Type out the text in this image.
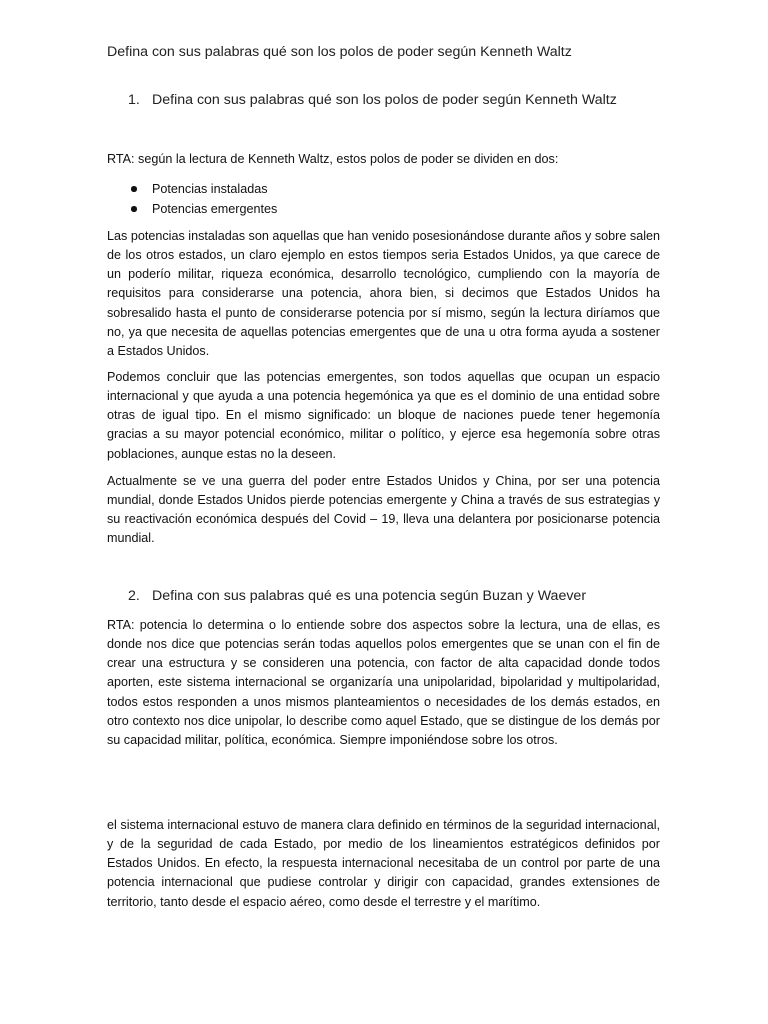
Defina con sus palabras qué son los polos de poder según Kenneth Waltz
1. Defina con sus palabras qué son los polos de poder según Kenneth Waltz

RTA: según la lectura de Kenneth Waltz, estos polos de poder se dividen en dos:

Potencias instaladas
Potencias emergentes

Las potencias instaladas son aquellas que han venido posesionándose durante años y sobre salen de los otros estados, un claro ejemplo en estos tiempos seria Estados Unidos, ya que carece de un poderío militar, riqueza económica, desarrollo tecnológico, cumpliendo con la mayoría de requisitos para considerarse una potencia, ahora bien, si decimos que Estados Unidos ha sobresalido hasta el punto de considerarse potencia por sí mismo, según la lectura diríamos que no, ya que necesita de aquellas potencias emergentes que de una u otra forma ayuda a sostener a Estados Unidos.

Podemos concluir que las potencias emergentes, son todos aquellas que ocupan un espacio internacional y que ayuda a una potencia hegemónica ya que es el dominio de una entidad sobre otras de igual tipo. En el mismo significado: un bloque de naciones puede tener hegemonía gracias a su mayor potencial económico, militar o político, y ejerce esa hegemonía sobre otras poblaciones, aunque estas no la deseen.

Actualmente se ve una guerra del poder entre Estados Unidos y China, por ser una potencia mundial, donde Estados Unidos pierde potencias emergente y China a través de sus estrategias y su reactivación económica después del Covid – 19, lleva una delantera por posicionarse potencia mundial.

2. Defina con sus palabras qué es una potencia según Buzan y Waever

RTA: potencia lo determina o lo entiende sobre dos aspectos sobre la lectura, una de ellas, es donde nos dice que potencias serán todas aquellos polos emergentes que se unan con el fin de crear una estructura y se consideren una potencia, con factor de alta capacidad donde todos aporten, este sistema internacional se organizaría una unipolaridad, bipolaridad y multipolaridad, todos estos responden a unos mismos planteamientos o necesidades de los demás estados, en otro contexto nos dice unipolar, lo describe como aquel Estado, que se distingue de los demás por su capacidad militar, política, económica. Siempre imponiéndose sobre los otros.

el sistema internacional estuvo de manera clara definido en términos de la seguridad internacional, y de la seguridad de cada Estado, por medio de los lineamientos estratégicos definidos por Estados Unidos. En efecto, la respuesta internacional necesitaba de un control por parte de una potencia internacional que pudiese controlar y dirigir con capacidad, grandes extensiones de territorio, tanto desde el espacio aéreo, como desde el terrestre y el marítimo.
